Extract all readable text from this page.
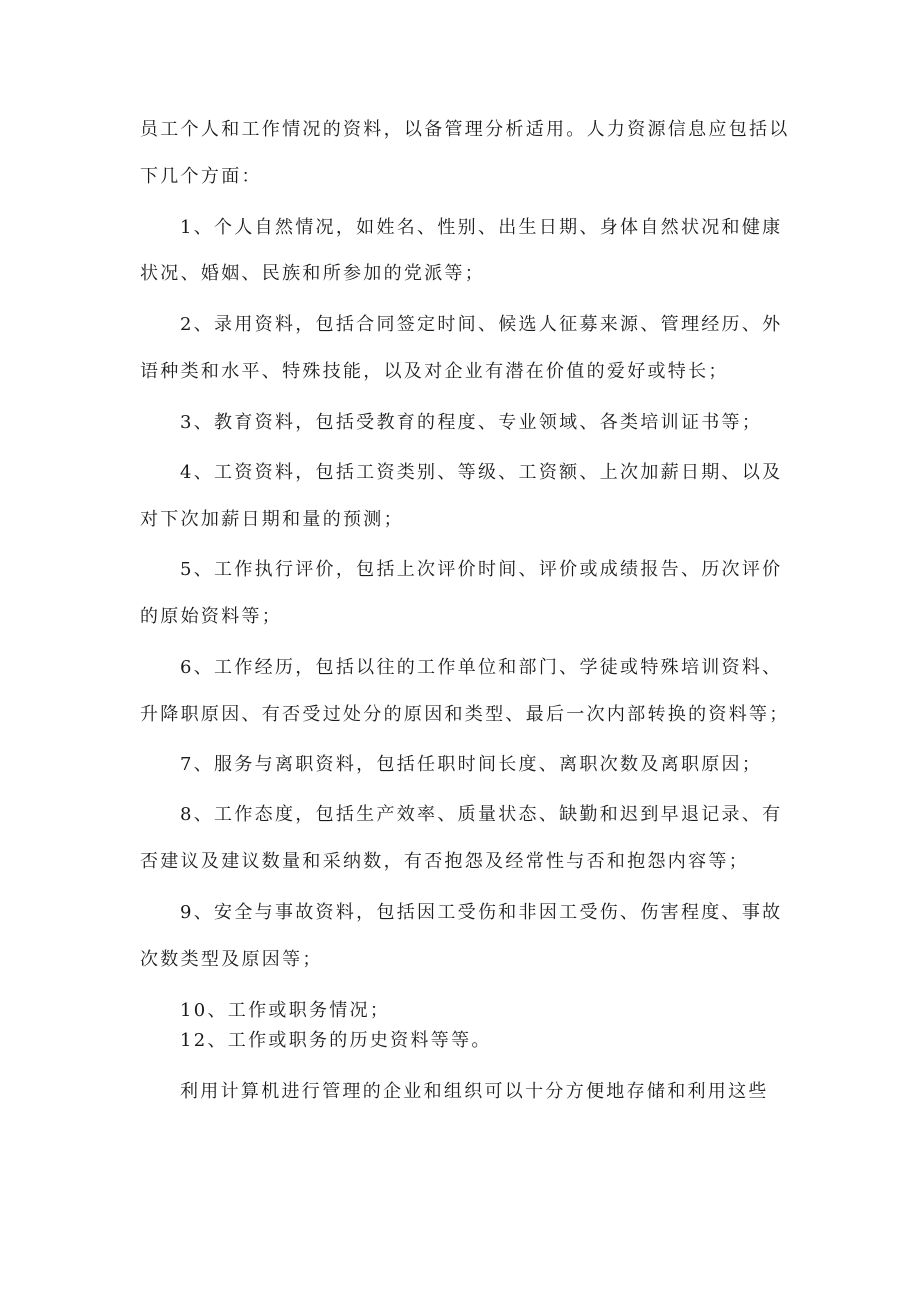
员工个人和工作情况的资料，以备管理分析适用。人力资源信息应包括以
下几个方面：
1、个人自然情况，如姓名、性别、出生日期、身体自然状况和健康
状况、婚姻、民族和所参加的党派等；
2、录用资料，包括合同签定时间、候选人征募来源、管理经历、外
语种类和水平、特殊技能，以及对企业有潜在价值的爱好或特长；
3、教育资料，包括受教育的程度、专业领域、各类培训证书等；
4、工资资料，包括工资类别、等级、工资额、上次加薪日期、以及
对下次加薪日期和量的预测；
5、工作执行评价，包括上次评价时间、评价或成绩报告、历次评价
的原始资料等；
6、工作经历，包括以往的工作单位和部门、学徒或特殊培训资料、
升降职原因、有否受过处分的原因和类型、最后一次内部转换的资料等；
7、服务与离职资料，包括任职时间长度、离职次数及离职原因；
8、工作态度，包括生产效率、质量状态、缺勤和迟到早退记录、有
否建议及建议数量和采纳数，有否抱怨及经常性与否和抱怨内容等；
9、安全与事故资料，包括因工受伤和非因工受伤、伤害程度、事故
次数类型及原因等；
10、工作或职务情况；
12、工作或职务的历史资料等等。
利用计算机进行管理的企业和组织可以十分方便地存储和利用这些
